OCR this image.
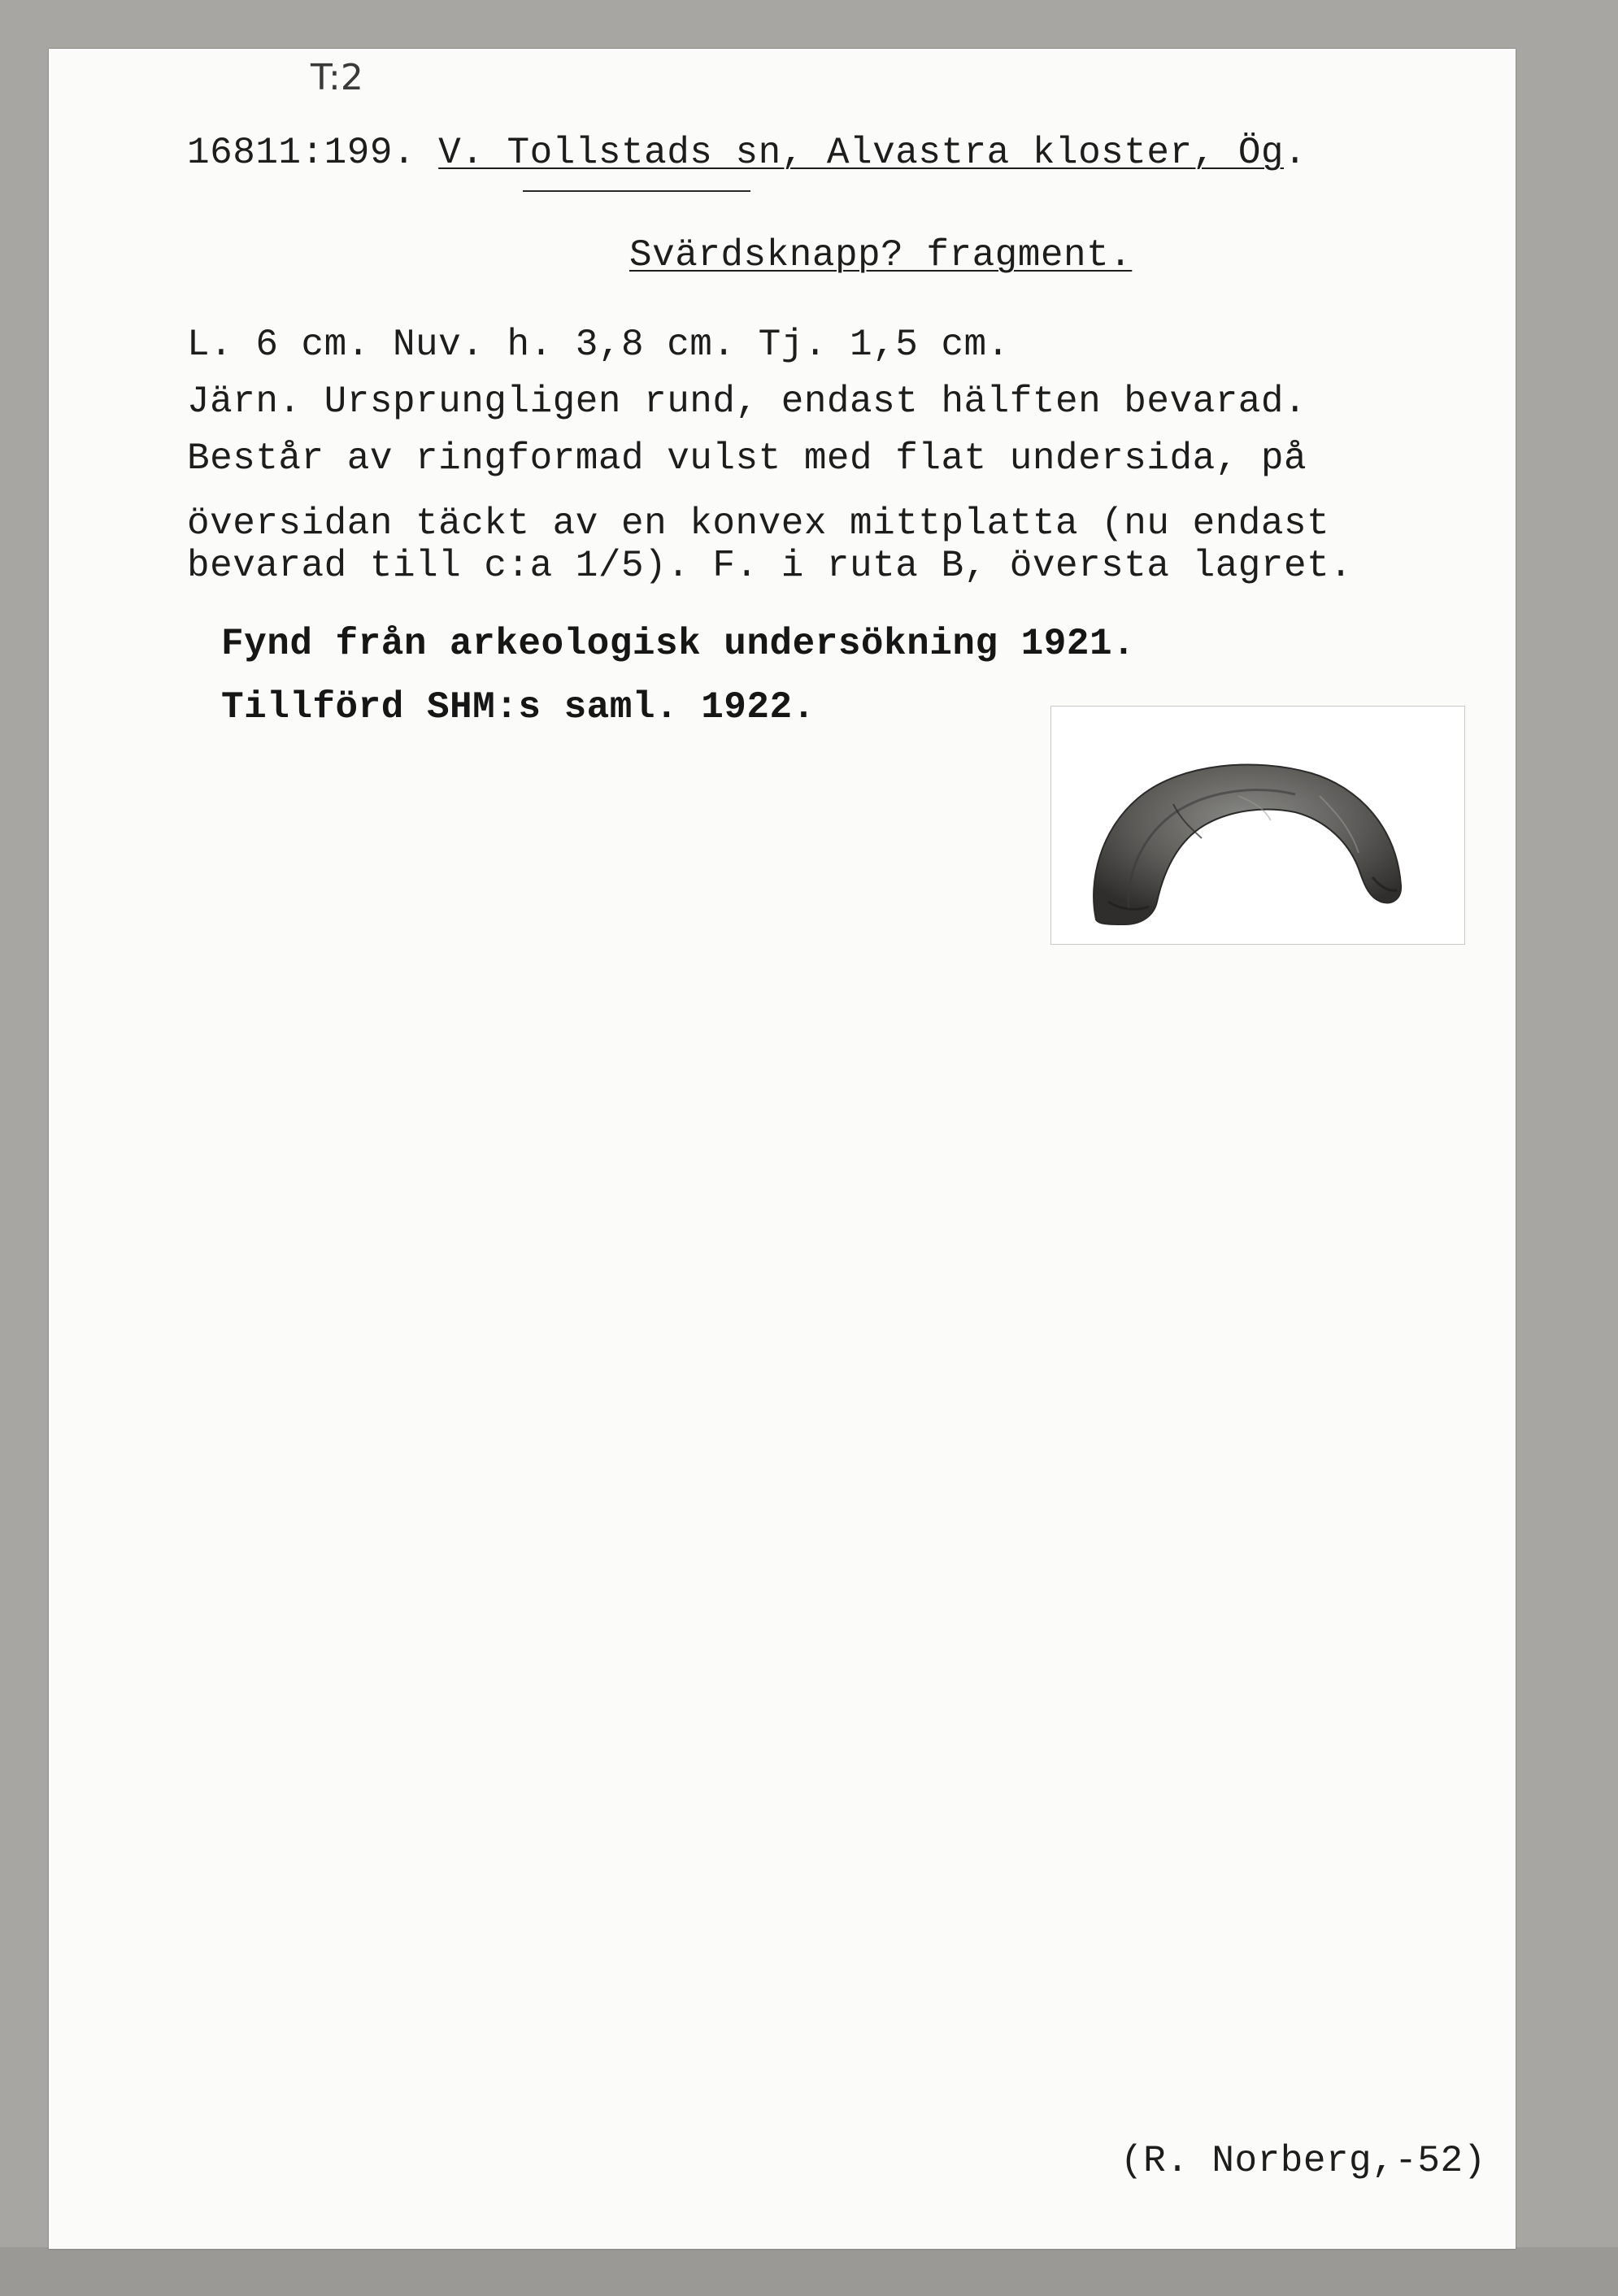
T:2
16811:199. V. Tollstads sn, Alvastra kloster, Ög.
Svärdsknapp? fragment.
L. 6 cm. Nuv. h. 3,8 cm. Tj. 1,5 cm.
Järn. Ursprungligen rund, endast hälften bevarad.
Består av ringformad vulst med flat undersida, på
översidan täckt av en konvex mittplatta (nu endast
bevarad till c:a 1/5). F. i ruta B, översta lagret.
Fynd från arkeologisk undersökning 1921.
Tillförd SHM:s saml. 1922.
(R. Norberg,-52)
